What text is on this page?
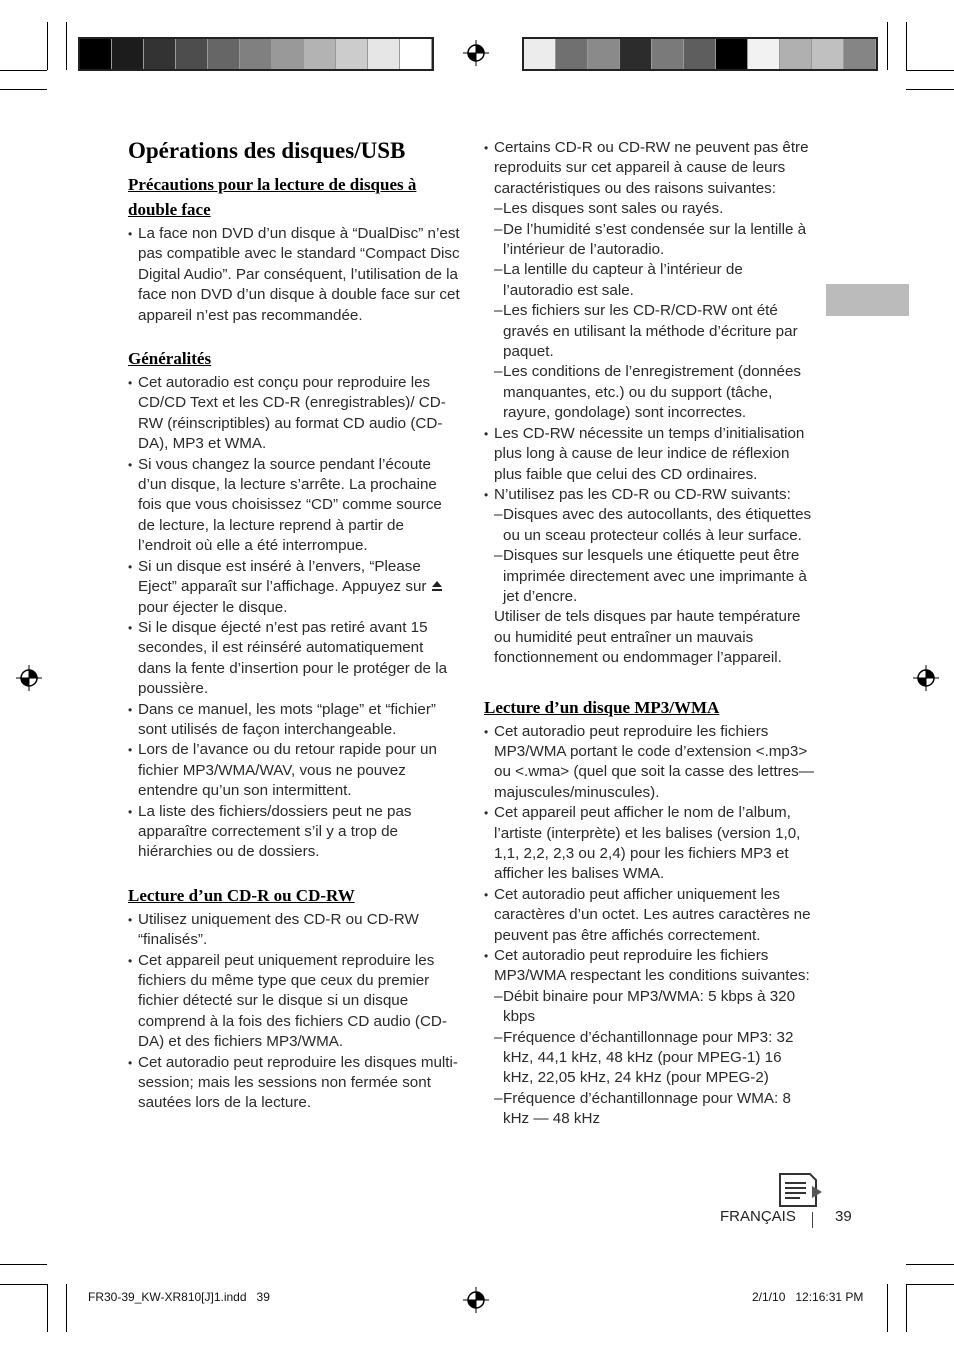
Opérations des disques/USB
Précautions pour la lecture de disques à double face
• La face non DVD d’un disque à “DualDisc” n’est pas compatible avec le standard “Compact Disc Digital Audio”. Par conséquent, l’utilisation de la face non DVD d’un disque à double face sur cet appareil n’est pas recommandée.
Généralités
• Cet autoradio est conçu pour reproduire les CD/CD Text et les CD-R (enregistrables)/ CD-RW (réinscriptibles) au format CD audio (CD-DA), MP3 et WMA.
• Si vous changez la source pendant l’écoute d’un disque, la lecture s’arrête. La prochaine fois que vous choisissez “CD” comme source de lecture, la lecture reprend à partir de l’endroit où elle a été interrompue.
• Si un disque est inséré à l’envers, “Please Eject” apparaît sur l’affichage. Appuyez sur  pour éjecter le disque.
• Si le disque éjecté n’est pas retiré avant 15 secondes, il est réinséré automatiquement dans la fente d’insertion pour le protéger de la poussière.
• Dans ce manuel, les mots “plage” et “fichier” sont utilisés de façon interchangeable.
• Lors de l’avance ou du retour rapide pour un fichier MP3/WMA/WAV, vous ne pouvez entendre qu’un son intermittent.
• La liste des fichiers/dossiers peut ne pas apparaître correctement s’il y a trop de hiérarchies ou de dossiers.
Lecture d’un CD-R ou CD-RW
• Utilisez uniquement des CD-R ou CD-RW “finalisés”.
• Cet appareil peut uniquement reproduire les fichiers du même type que ceux du premier fichier détecté sur le disque si un disque comprend à la fois des fichiers CD audio (CD-DA) et des fichiers MP3/WMA.
• Cet autoradio peut reproduire les disques multi-session; mais les sessions non fermée sont sautées lors de la lecture.
• Certains CD-R ou CD-RW ne peuvent pas être reproduits sur cet appareil à cause de leurs caractéristiques ou des raisons suivantes:
– Les disques sont sales ou rayés.
– De l’humidité s’est condensée sur la lentille à l’intérieur de l’autoradio.
– La lentille du capteur à l’intérieur de l’autoradio est sale.
– Les fichiers sur les CD-R/CD-RW ont été gravés en utilisant la méthode d’écriture par paquet.
– Les conditions de l’enregistrement (données manquantes, etc.) ou du support (tâche, rayure, gondolage) sont incorrectes.
• Les CD-RW nécessite un temps d’initialisation plus long à cause de leur indice de réflexion plus faible que celui des CD ordinaires.
• N’utilisez pas les CD-R ou CD-RW suivants:
– Disques avec des autocollants, des étiquettes ou un sceau protecteur collés à leur surface.
– Disques sur lesquels une étiquette peut être imprimée directement avec une imprimante à jet d’encre.
Utiliser de tels disques par haute température ou humidité peut entraîner un mauvais fonctionnement ou endommager l’appareil.
Lecture d’un disque MP3/WMA
• Cet autoradio peut reproduire les fichiers MP3/WMA portant le code d’extension <.mp3> ou <.wma> (quel que soit la casse des lettres—majuscules/minuscules).
• Cet appareil peut afficher le nom de l’album, l’artiste (interprète) et les balises (version 1,0, 1,1, 2,2, 2,3 ou 2,4) pour les fichiers MP3 et afficher les balises WMA.
• Cet autoradio peut afficher uniquement les caractères d’un octet. Les autres caractères ne peuvent pas être affichés correctement.
• Cet autoradio peut reproduire les fichiers MP3/WMA respectant les conditions suivantes:
– Débit binaire pour MP3/WMA: 5 kbps à 320 kbps
– Fréquence d’échantillonnage pour MP3: 32 kHz, 44,1 kHz, 48 kHz (pour MPEG-1) 16 kHz, 22,05 kHz, 24 kHz (pour MPEG-2)
– Fréquence d’échantillonnage pour WMA: 8 kHz — 48 kHz
FRANÇAIS	39
FR30-39_KW-XR810[J]1.indd   39	2/1/10   12:16:31 PM
